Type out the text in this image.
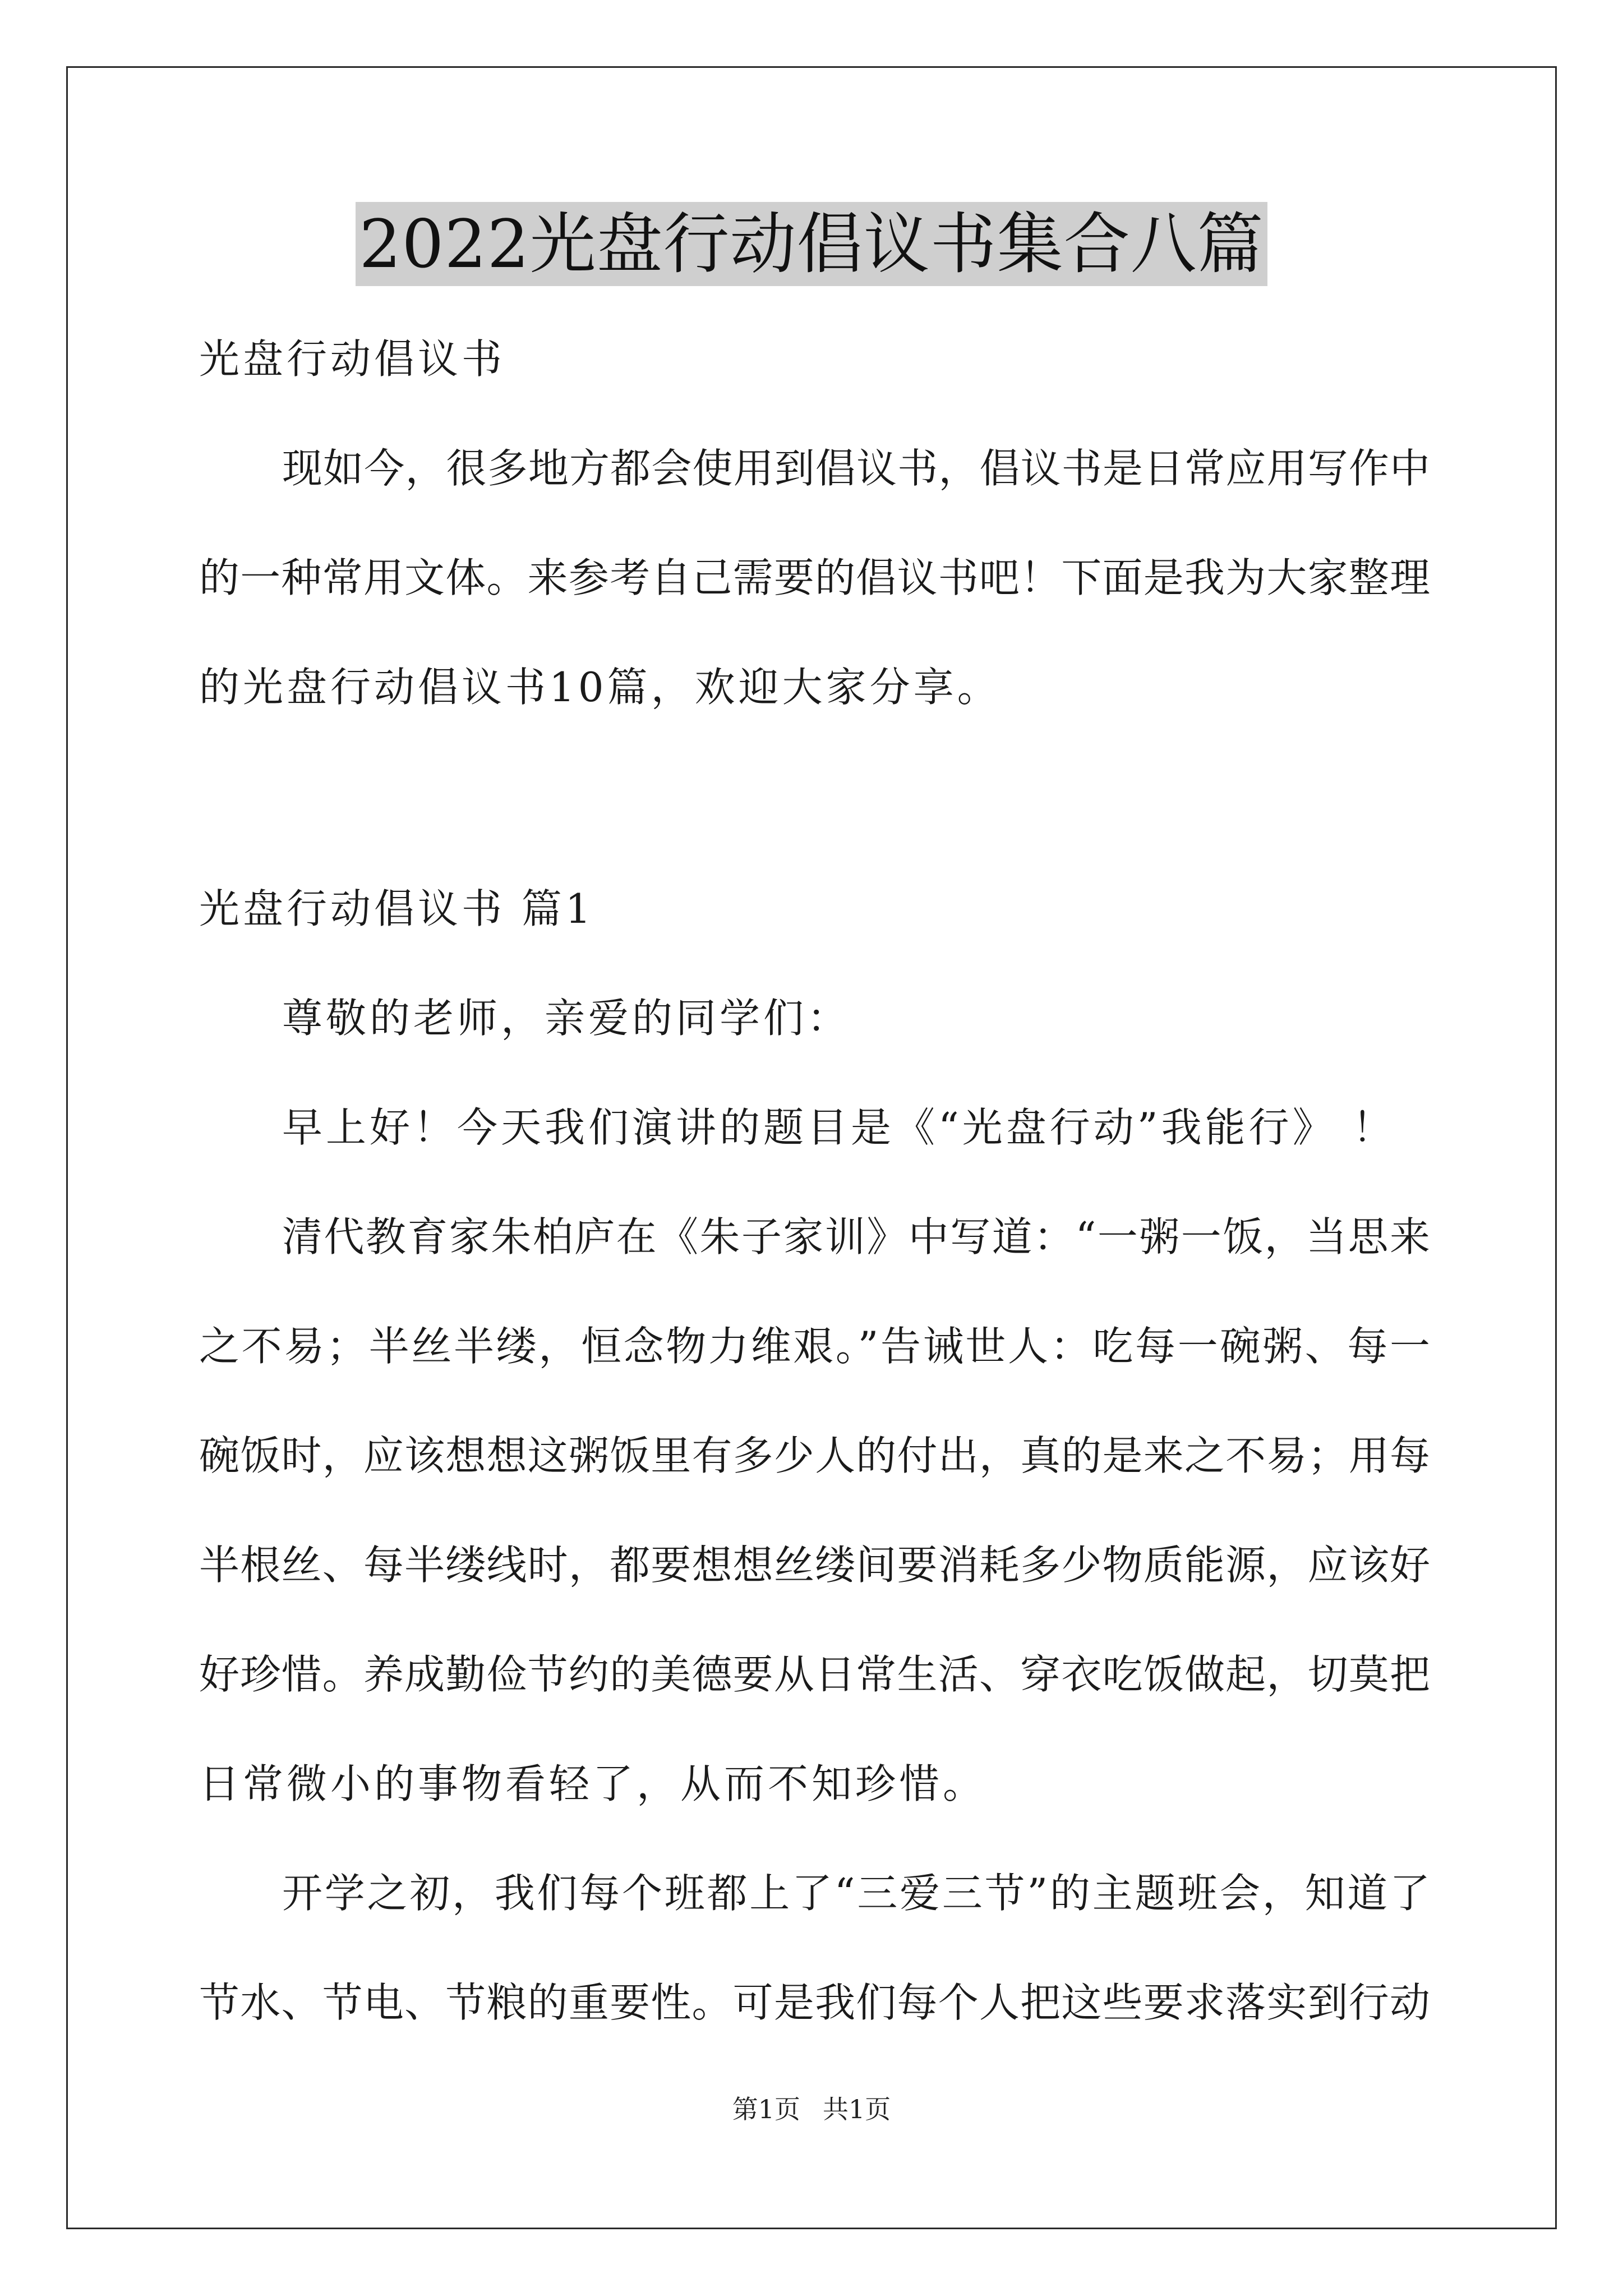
2022光盘行动倡议书集合八篇
光盘行动倡议书
现如今，很多地方都会使用到倡议书，倡议书是日常应用写作中
的一种常用文体。来参考自己需要的倡议书吧！下面是我为大家整理
的光盘行动倡议书10篇，欢迎大家分享。
光盘行动倡议书 篇1
尊敬的老师，亲爱的同学们：
早上好！今天我们演讲的题目是《“光盘行动”我能行》 ！
清代教育家朱柏庐在《朱子家训》中写道：“一粥一饭，当思来
之不易；半丝半缕，恒念物力维艰。”告诫世人：吃每一碗粥、每一
碗饭时，应该想想这粥饭里有多少人的付出，真的是来之不易；用每
半根丝、每半缕线时，都要想想丝缕间要消耗多少物质能源，应该好
好珍惜。养成勤俭节约的美德要从日常生活、穿衣吃饭做起，切莫把
日常微小的事物看轻了，从而不知珍惜。
开学之初，我们每个班都上了“三爱三节”的主题班会，知道了
节水、节电、节粮的重要性。可是我们每个人把这些要求落实到行动
第1页 共1页
